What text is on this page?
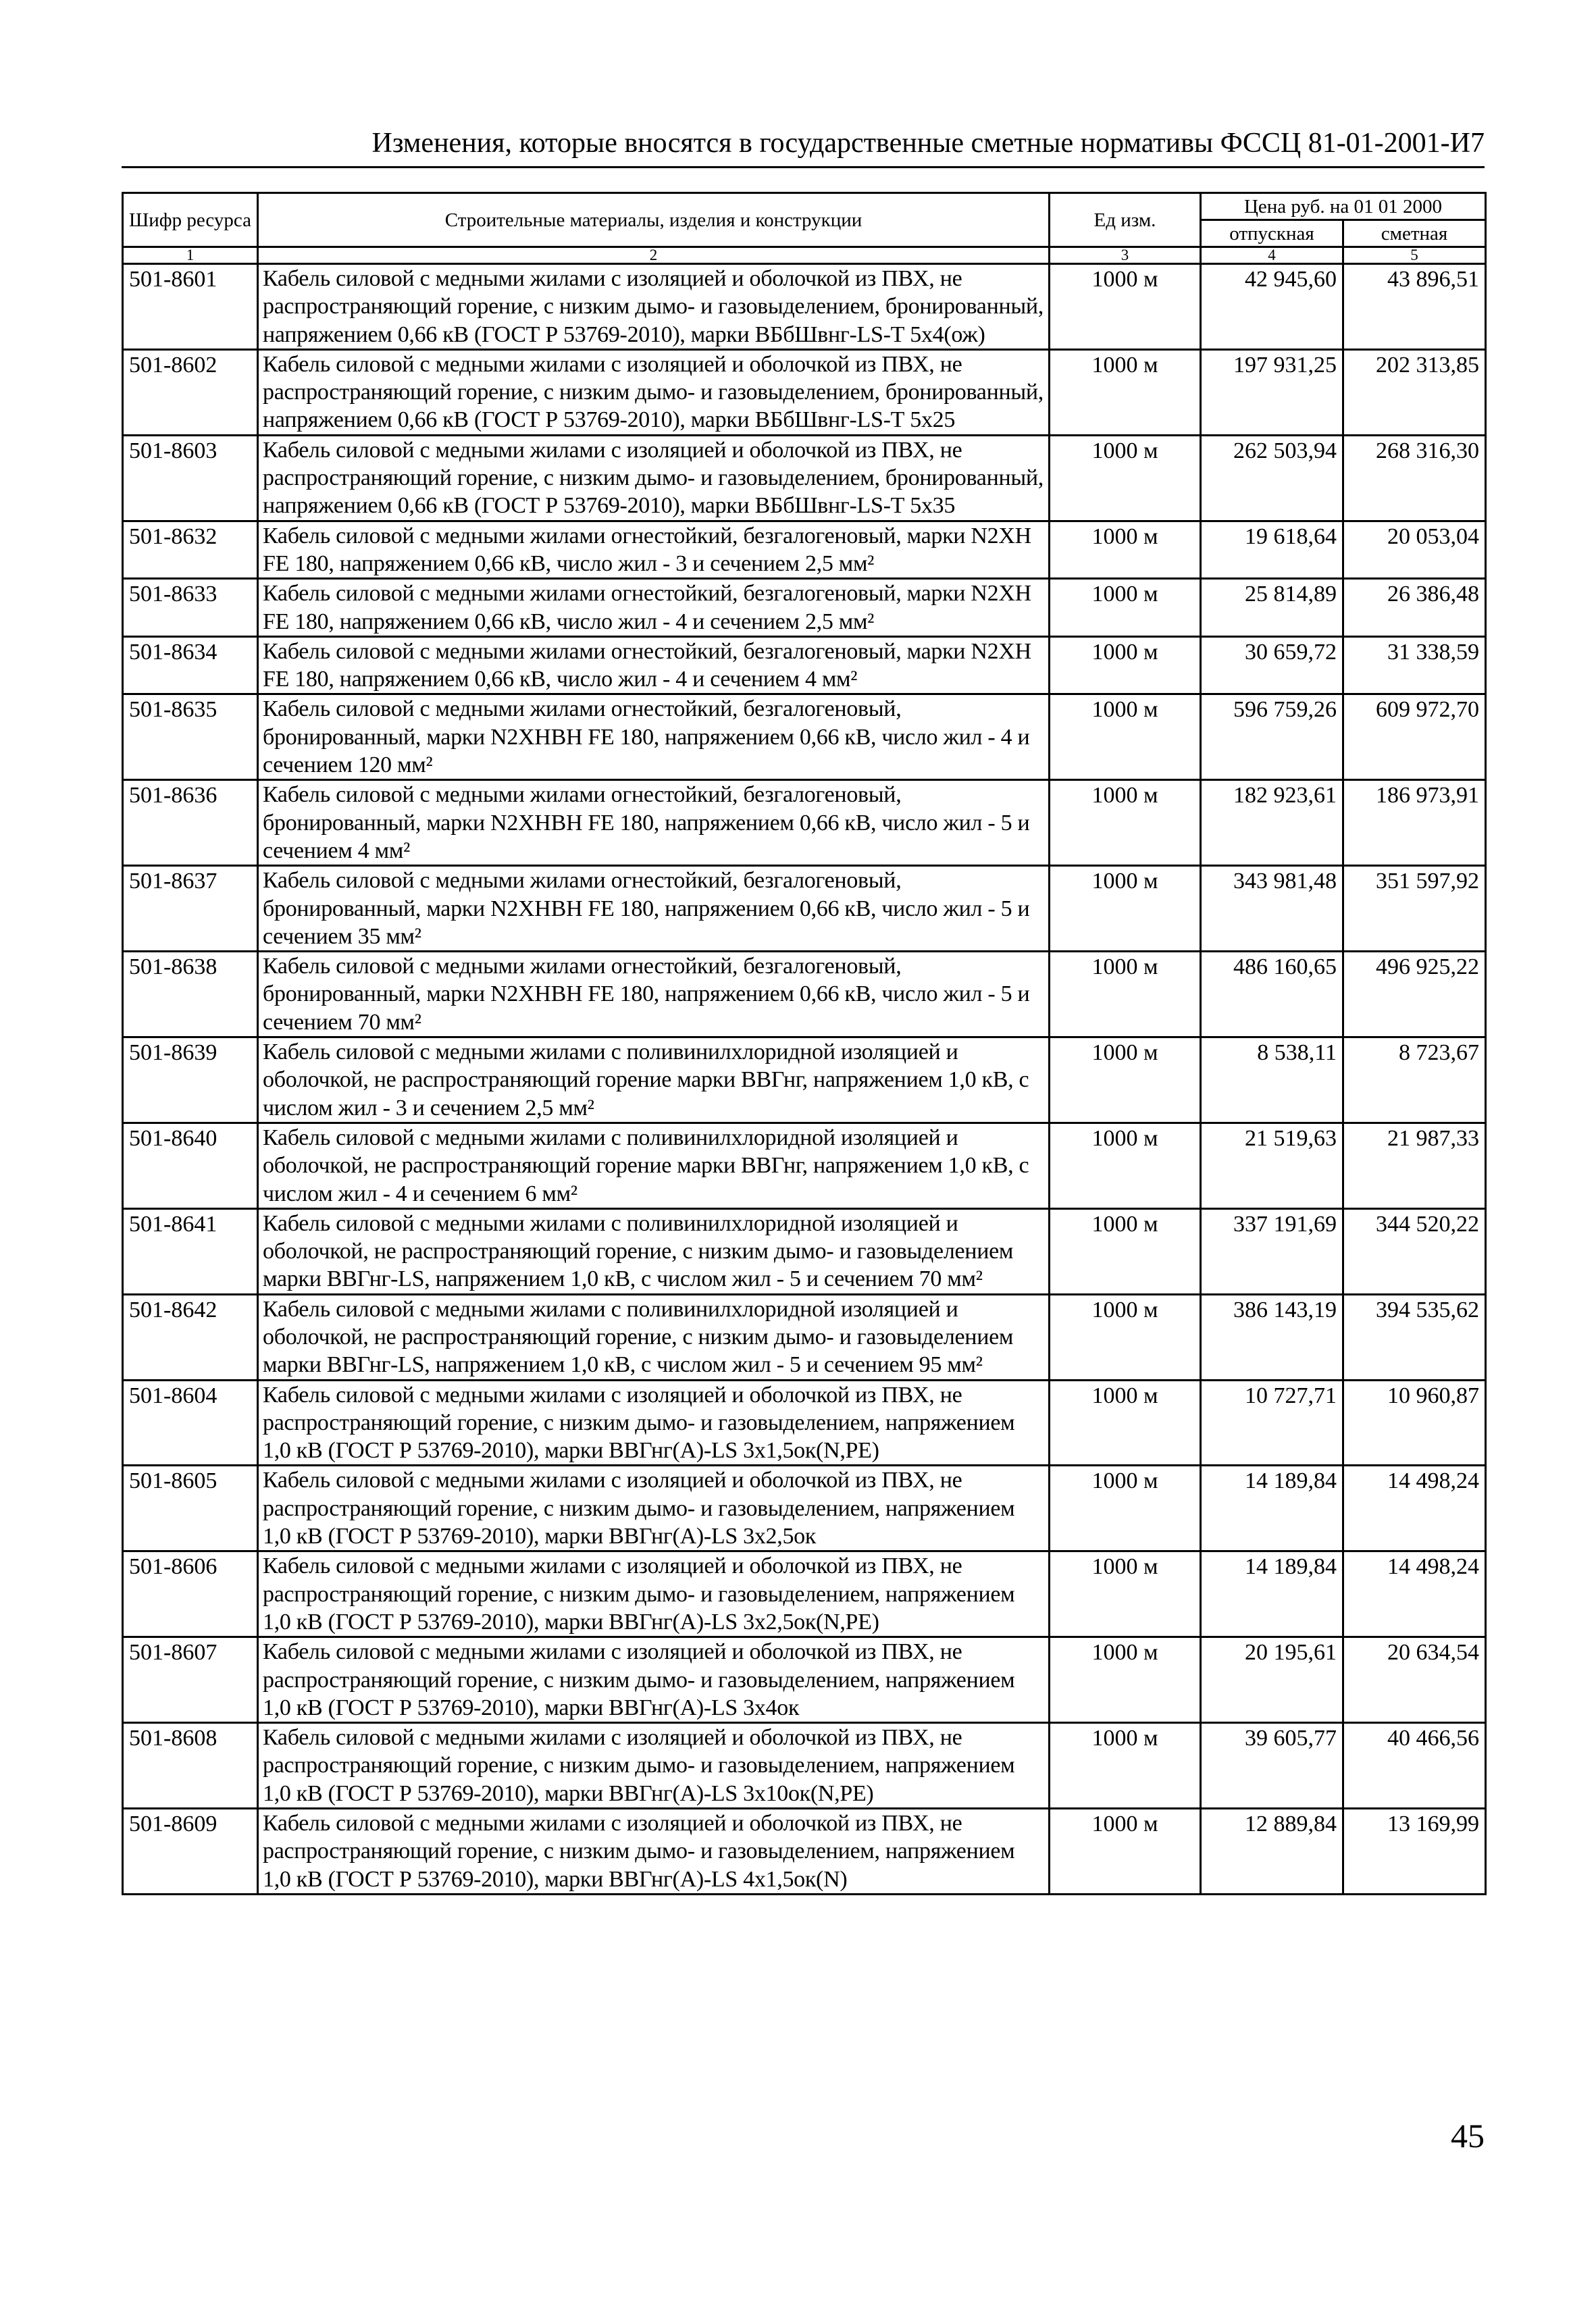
Изменения, которые вносятся в государственные сметные нормативы ФССЦ 81-01-2001-И7
Шифр ресурса	Строительные материалы, изделия и конструкции	Ед изм.	Цена руб. на 01 01 2000	
			отпускная	сметная
1	2	3	4	5
501-8601	Кабель силовой с медными жилами с изоляцией и оболочкой из ПВХ, не распространяющий горение, с низким дымо- и газовыделением, бронированный, напряжением 0,66 кВ (ГОСТ Р 53769-2010), марки ВБбШвнг-LS-Т 5х4(ож)	1000 м	42 945,60	43 896,51
501-8602	Кабель силовой с медными жилами с изоляцией и оболочкой из ПВХ, не распространяющий горение, с низким дымо- и газовыделением, бронированный, напряжением 0,66 кВ (ГОСТ Р 53769-2010), марки ВБбШвнг-LS-Т 5х25	1000 м	197 931,25	202 313,85
501-8603	Кабель силовой с медными жилами с изоляцией и оболочкой из ПВХ, не распространяющий горение, с низким дымо- и газовыделением, бронированный, напряжением 0,66 кВ (ГОСТ Р 53769-2010), марки ВБбШвнг-LS-Т 5х35	1000 м	262 503,94	268 316,30
501-8632	Кабель силовой с медными жилами огнестойкий, безгалогеновый, марки N2XH FE 180, напряжением 0,66 кВ, число жил - 3 и сечением 2,5 мм²	1000 м	19 618,64	20 053,04
501-8633	Кабель силовой с медными жилами огнестойкий, безгалогеновый, марки N2XH FE 180, напряжением 0,66 кВ, число жил - 4 и сечением 2,5 мм²	1000 м	25 814,89	26 386,48
501-8634	Кабель силовой с медными жилами огнестойкий, безгалогеновый, марки N2XH FE 180, напряжением 0,66 кВ, число жил - 4 и сечением 4 мм²	1000 м	30 659,72	31 338,59
501-8635	Кабель силовой с медными жилами огнестойкий, безгалогеновый, бронированный, марки N2XHBH FE 180, напряжением 0,66 кВ, число жил - 4 и сечением 120 мм²	1000 м	596 759,26	609 972,70
501-8636	Кабель силовой с медными жилами огнестойкий, безгалогеновый, бронированный, марки N2XHBH FE 180, напряжением 0,66 кВ, число жил - 5 и сечением 4 мм²	1000 м	182 923,61	186 973,91
501-8637	Кабель силовой с медными жилами огнестойкий, безгалогеновый, бронированный, марки N2XHBH FE 180, напряжением 0,66 кВ, число жил - 5 и сечением 35 мм²	1000 м	343 981,48	351 597,92
501-8638	Кабель силовой с медными жилами огнестойкий, безгалогеновый, бронированный, марки N2XHBH FE 180, напряжением 0,66 кВ, число жил - 5 и сечением 70 мм²	1000 м	486 160,65	496 925,22
501-8639	Кабель силовой с медными жилами с поливинилхлоридной изоляцией и оболочкой, не распространяющий горение марки ВВГнг, напряжением 1,0 кВ, с числом жил - 3 и сечением 2,5 мм²	1000 м	8 538,11	8 723,67
501-8640	Кабель силовой с медными жилами с поливинилхлоридной изоляцией и оболочкой, не распространяющий горение марки ВВГнг, напряжением 1,0 кВ, с числом жил - 4 и сечением 6 мм²	1000 м	21 519,63	21 987,33
501-8641	Кабель силовой с медными жилами с поливинилхлоридной изоляцией и оболочкой, не распространяющий горение, с низким дымо- и газовыделением марки ВВГнг-LS, напряжением 1,0 кВ, с числом жил - 5 и сечением 70 мм²	1000 м	337 191,69	344 520,22
501-8642	Кабель силовой с медными жилами с поливинилхлоридной изоляцией и оболочкой, не распространяющий горение, с низким дымо- и газовыделением марки ВВГнг-LS, напряжением 1,0 кВ, с числом жил - 5 и сечением 95 мм²	1000 м	386 143,19	394 535,62
501-8604	Кабель силовой с медными жилами с изоляцией и оболочкой из ПВХ, не распространяющий горение, с низким дымо- и газовыделением, напряжением 1,0 кВ (ГОСТ Р 53769-2010), марки ВВГнг(А)-LS 3х1,5ок(N,PE)	1000 м	10 727,71	10 960,87
501-8605	Кабель силовой с медными жилами с изоляцией и оболочкой из ПВХ, не распространяющий горение, с низким дымо- и газовыделением, напряжением 1,0 кВ (ГОСТ Р 53769-2010), марки ВВГнг(А)-LS 3х2,5ок	1000 м	14 189,84	14 498,24
501-8606	Кабель силовой с медными жилами с изоляцией и оболочкой из ПВХ, не распространяющий горение, с низким дымо- и газовыделением, напряжением 1,0 кВ (ГОСТ Р 53769-2010), марки ВВГнг(А)-LS 3х2,5ок(N,PE)	1000 м	14 189,84	14 498,24
501-8607	Кабель силовой с медными жилами с изоляцией и оболочкой из ПВХ, не распространяющий горение, с низким дымо- и газовыделением, напряжением 1,0 кВ (ГОСТ Р 53769-2010), марки ВВГнг(А)-LS 3х4ок	1000 м	20 195,61	20 634,54
501-8608	Кабель силовой с медными жилами с изоляцией и оболочкой из ПВХ, не распространяющий горение, с низким дымо- и газовыделением, напряжением 1,0 кВ (ГОСТ Р 53769-2010), марки ВВГнг(А)-LS 3х10ок(N,PE)	1000 м	39 605,77	40 466,56
501-8609	Кабель силовой с медными жилами с изоляцией и оболочкой из ПВХ, не распространяющий горение, с низким дымо- и газовыделением, напряжением 1,0 кВ (ГОСТ Р 53769-2010), марки ВВГнг(А)-LS 4х1,5ок(N)	1000 м	12 889,84	13 169,99
45
